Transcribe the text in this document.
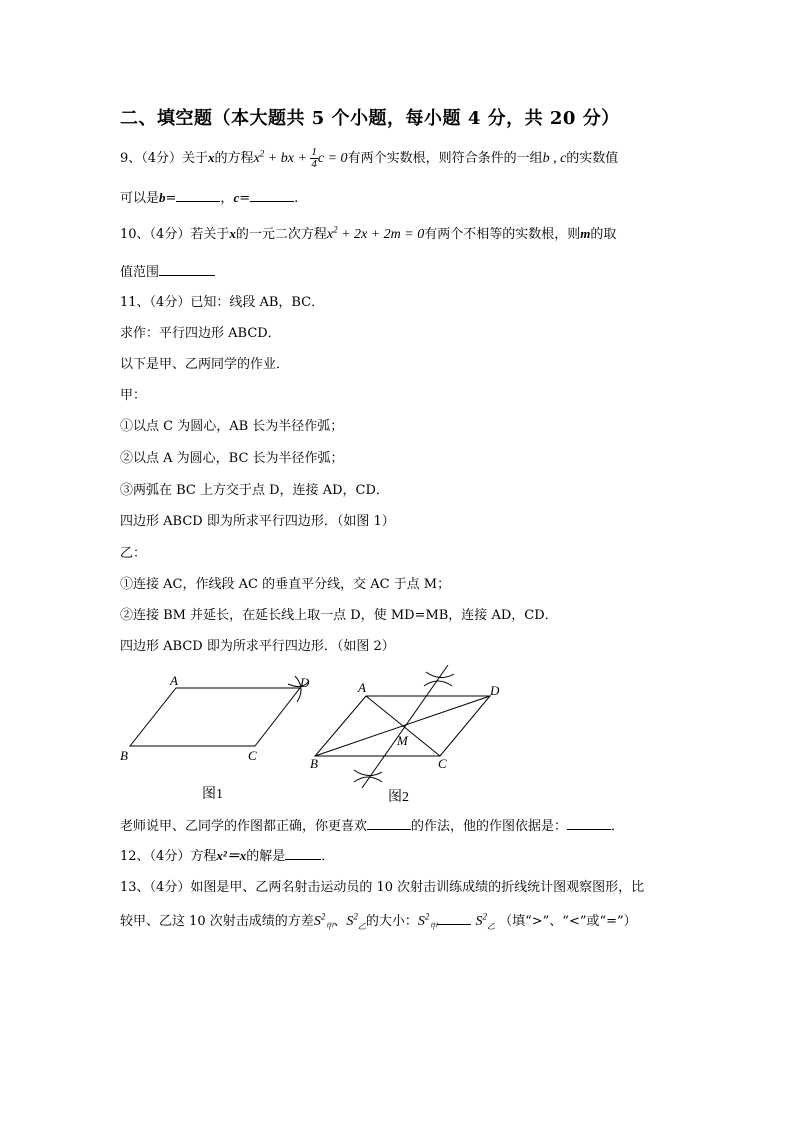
二、填空题（本大题共 5 个小题，每小题 4 分，共 20 分）
9、（4分）关于x的方程$x^2$ + bx + $\frac{1}{4}$ c = 0有两个实数根，则符合条件的一组b , c的实数值
可以是b=	，c=	.
10、（4分）若关于x的一元二次方程$x^2 + 2x + 2m = 0$有两个不相等的实数根，则m的取
值范围
11、（4分）已知：线段 AB，BC．
求作：平行四边形 ABCD．
以下是甲、乙两同学的作业．
甲：
①以点 C 为圆心，AB 长为半径作弧；
②以点 A 为圆心，BC 长为半径作弧；
③两弧在 BC 上方交于点 D，连接 AD，CD．
四边形 ABCD 即为所求平行四边形．（如图 1）
乙：
①连接 AC，作线段 AC 的垂直平分线，交 AC 于点 M；
②连接 BM 并延长，在延长线上取一点 D，使 MD=MB，连接 AD，CD．
四边形 ABCD 即为所求平行四边形．（如图 2）
A	D
B	C
图1
A	D
B	C
M
图2
老师说甲、乙同学的作图都正确，你更喜欢	的作法，他的作图依据是：	．
12、（4分）方程x²＝x的解是	．
13、（4分）如图是甲、乙两名射击运动员的 10 次射击训练成绩的折线统计图观察图形，比
较甲、乙这 10 次射击成绩的方差$S^2_甲$、$S^2_乙$的大小：$S^2_甲$	$S^2_乙$ （填“>”、“<”或“=”）
